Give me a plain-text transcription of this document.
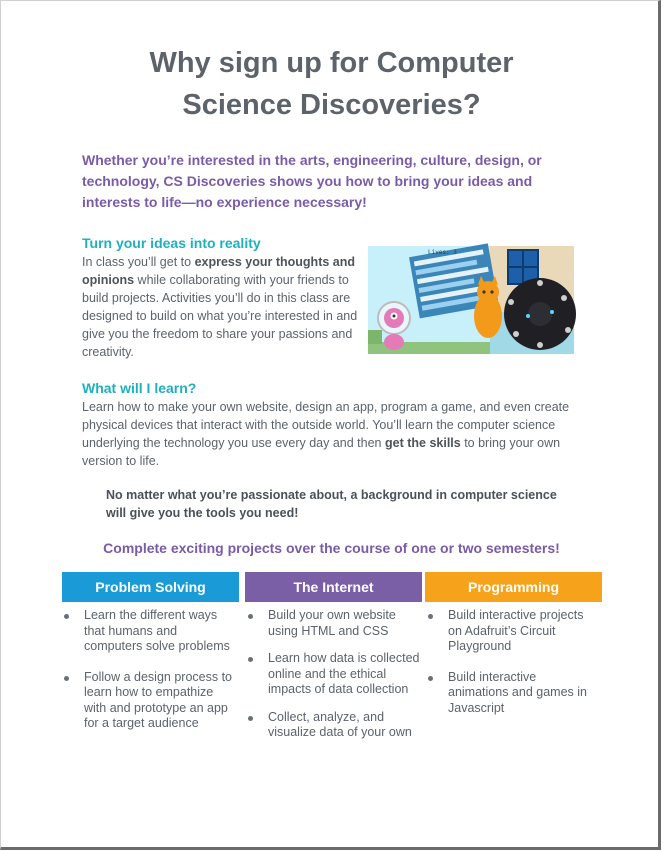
Why sign up for Computer
Science Discoveries?
Whether you’re interested in the arts, engineering, culture, design, or technology, CS Discoveries shows you how to bring your ideas and interests to life—no experience necessary!
Turn your ideas into reality
In class you’ll get to express your thoughts and opinions while collaborating with your friends to build projects. Activities you’ll do in this class are designed to build on what you’re interested in and give you the freedom to share your passions and creativity.
Lives: 3
What will I learn?
Learn how to make your own website, design an app, program a game, and even create physical devices that interact with the outside world. You’ll learn the computer science underlying the technology you use every day and then get the skills to bring your own version to life.
No matter what you’re passionate about, a background in computer science will give you the tools you need!
Complete exciting projects over the course of one or two semesters!
Problem Solving	The Internet	Programming
Learn the different ways that humans and computers solve problems
Follow a design process to learn how to empathize with and prototype an app for a target audience
Build your own website using HTML and CSS
Learn how data is collected online and the ethical impacts of data collection
Collect, analyze, and visualize data of your own
Build interactive projects on Adafruit’s Circuit Playground
Build interactive animations and games in Javascript
